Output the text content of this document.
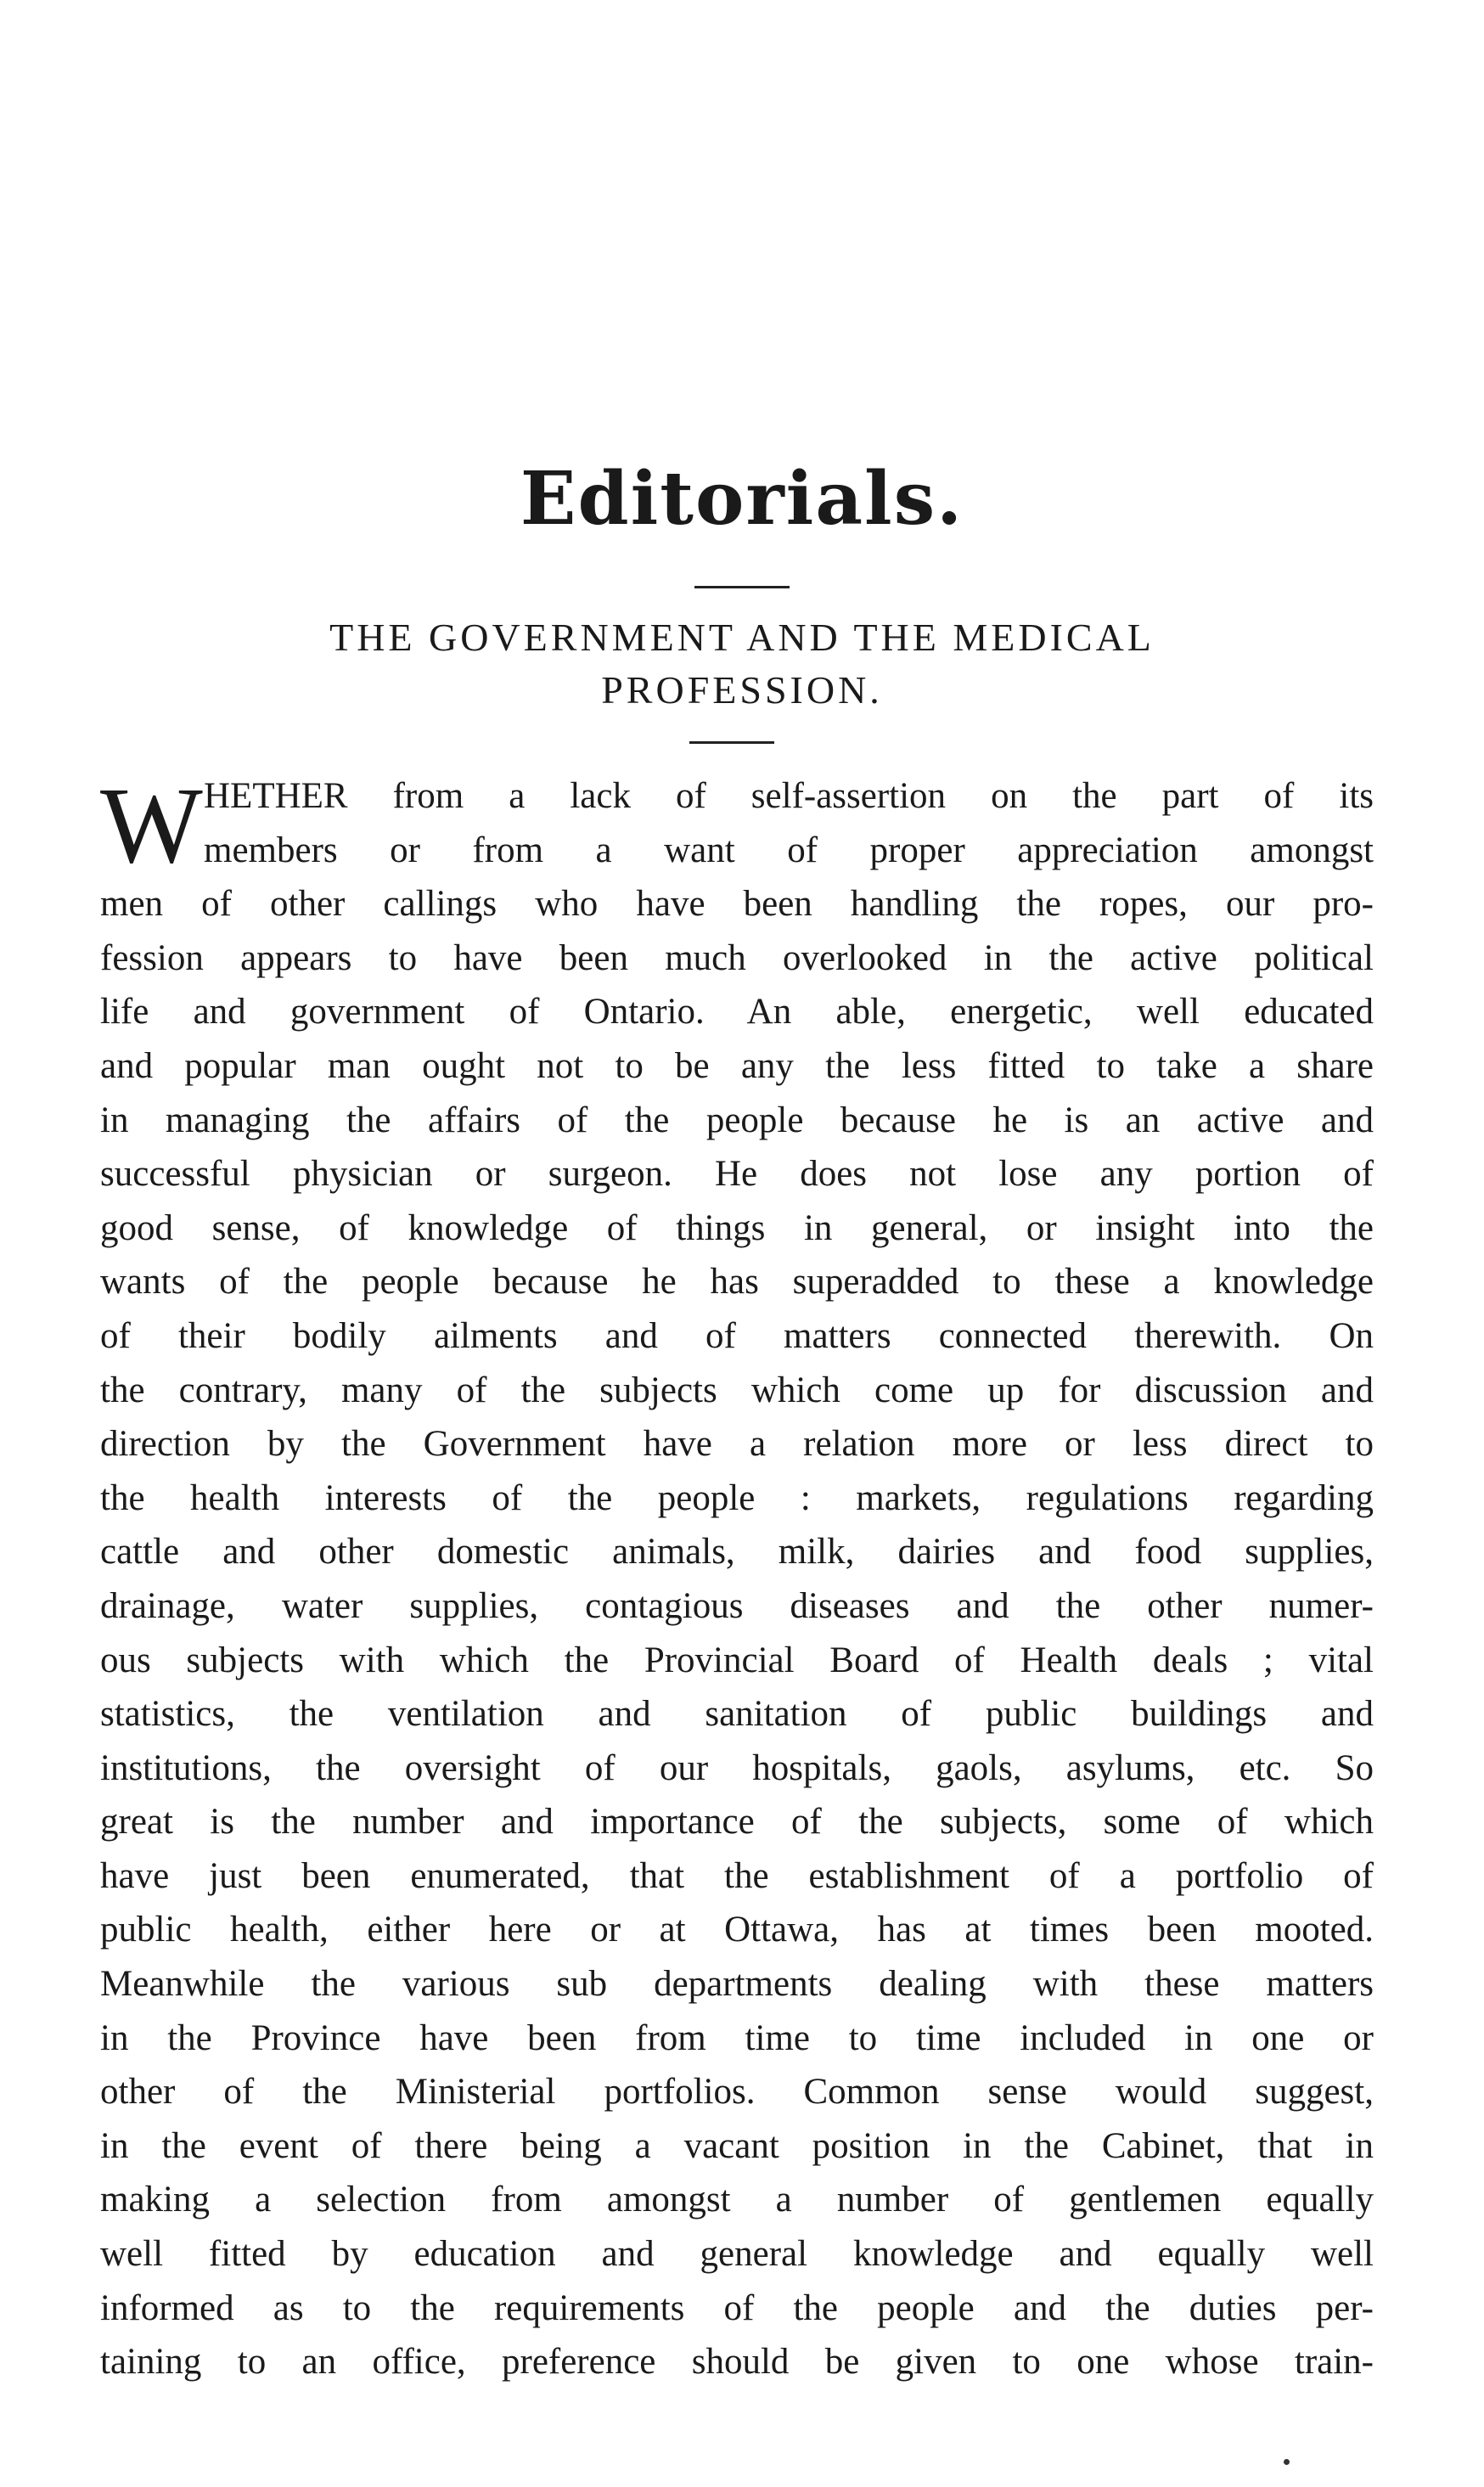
Editorials.
THE GOVERNMENT AND THE MEDICAL
PROFESSION.
W HETHER from a lack of self-assertion on the part of its
members or from a want of proper appreciation amongst
men of other callings who have been handling the ropes, our pro-
fession appears to have been much overlooked in the active political
life and government of Ontario. An able, energetic, well educated
and popular man ought not to be any the less fitted to take a share
in managing the affairs of the people because he is an active and
successful physician or surgeon. He does not lose any portion of
good sense, of knowledge of things in general, or insight into the
wants of the people because he has superadded to these a knowledge
of their bodily ailments and of matters connected therewith. On
the contrary, many of the subjects which come up for discussion and
direction by the Government have a relation more or less direct to
the health interests of the people : markets, regulations regarding
cattle and other domestic animals, milk, dairies and food supplies,
drainage, water supplies, contagious diseases and the other numer-
ous subjects with which the Provincial Board of Health deals ; vital
statistics, the ventilation and sanitation of public buildings and
institutions, the oversight of our hospitals, gaols, asylums, etc. So
great is the number and importance of the subjects, some of which
have just been enumerated, that the establishment of a portfolio of
public health, either here or at Ottawa, has at times been mooted.
Meanwhile the various sub departments dealing with these matters
in the Province have been from time to time included in one or
other of the Ministerial portfolios. Common sense would suggest,
in the event of there being a vacant position in the Cabinet, that in
making a selection from amongst a number of gentlemen equally
well fitted by education and general knowledge and equally well
informed as to the requirements of the people and the duties per-
taining to an office, preference should be given to one whose train-
